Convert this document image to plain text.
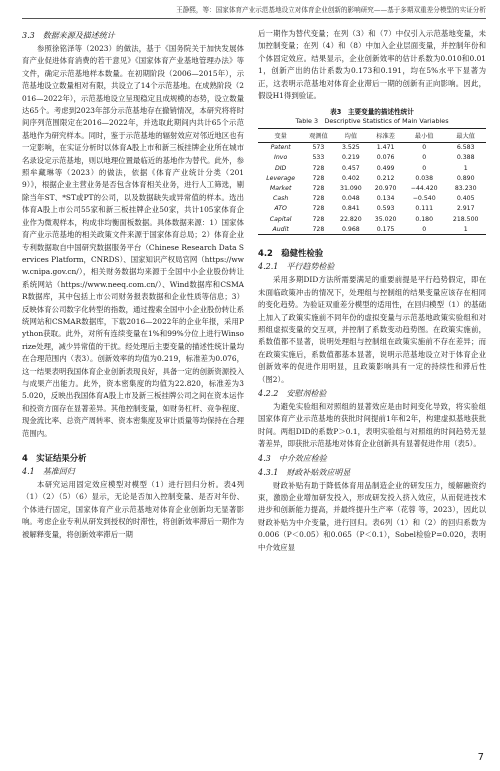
王静熙，等：国家体育产业示范基地设立对体育企业创新的影响研究——基于多期双重差分模型的实证分析
3.3　数据来源及描述统计

参照徐铭泽等（2023）的做法，基于《国务院关于加快发展体育产业促进体育消费的若干意见》《国家体育产业基地管理办法》等文件，确定示范基地样本数量。在初期阶段（2006—2015年），示范基地设立数量相对有限，共设立了14个示范基地。在成熟阶段（2016—2022年），示范基地设立呈现稳定且成规模的态势，设立数量达65个。考虑到2023年部分示范基地存在撤销情况，本研究将将时间序列范围限定在2016—2022年，并选取此期间内共计65个示范基地作为研究样本。同时，鉴于示范基地的辐射效应对邻近地区也有一定影响，在实证分析时以体育A股上市和新三板挂牌企业所在城市名录设定示范基地，则以地理位置最临近的基地作为替代。此外，参照牟藏琳等（2023）的做法，依据《体育产业统计分类（2019）》，根据企业主营业务是否包含体育相关业务，进行人工筛选，剔除当年ST、*ST或PT的公司，以及数据缺失或异常值的样本。选出体育A股上市公司55家和新三板挂牌企业50家，共计105家体育企业作为微观样本，构成非均衡面板数据。具体数据来源：1）国家体育产业示范基地的相关政策文件来源于国家体育总局；2）体育企业专利数据取自中国研究数据服务平台（Chinese Research Data Services Platform，CNRDS）、国家知识产权局官网（https://www.cnipa.gov.cn/），相关财务数据均来源于全国中小企业股份转让系统网站（https://www.neeq.com.cn/）、Wind数据库和CSMAR数据库，其中包括上市公司财务报表数据和企业性质等信息；3）反映体育公司数字化转型的指数，通过搜索全国中小企业股份转让系统网站和CSMAR数据库，下载2016—2022年的企业年报，采用Python获取。此外，对所有连续变量在1%和99%分位上进行Winsorize处理，减少异常值的干扰。经处理后主要变量的描述性统计量均在合理范围内（表3）。创新效率的均值为0.219，标准差为0.076，这一结果表明我国体育企业创新表现良好，具备一定的创新资源投入与成果产出能力。此外，资本密集度的均值为22.820，标准差为35.020，反映出我国体育A股上市及新三板挂牌公司之间在资本运作和投资方面存在显著差异。其他控制变量，如财务杠杆、竞争程度、现金流比率、总资产周转率、资本密集度及审计质量等均保持在合理范围内。

4　实证结果分析
4.1　基准回归

本研究运用固定效应模型对模型（1）进行回归分析。表4列（1）（2）（5）（6）显示，无论是否加入控制变量、是否对年份、个体进行固定，国家体育产业示范基地对体育企业创新均无显著影响。考虑企业专利从研发到授权的时滞性，将创新效率滞后一期作为被解释变量，将创新效率滞后一期

后一期作为替代变量；在列（3）和（7）中仅引入示范基地变量，未加控制变量；在列（4）和（8）中加入企业层面变量，并控制年份和个体固定效应。结果显示，企业创新效率的估计系数为0.010和0.011，创新产出的估计系数为0.173和0.191，均在5%水平下显著为正，这表明示范基地对体育企业滞后一期的创新有正向影响。因此，假设H1得到验证。

表3　主要变量的描述性统计
Table 3　Descriptive Statistics of Main Variables
变量	观测值	均值	标准差	最小值	最大值
Patent	573	3.525	1.471	0	6.583
Invo	533	0.219	0.076	0	0.388
DID	728	0.457	0.499	0	1
Leverage	728	0.402	0.212	0.038	0.890
Market	728	31.090	20.970	−44.420	83.230
Cash	728	0.048	0.134	−0.540	0.405
ATO	728	0.841	0.593	0.111	2.917
Capital	728	22.820	35.020	0.180	218.500
Audit	728	0.968	0.175	0	1
4.2　稳健性检验
4.2.1　平行趋势检验

采用多期DID方法所需要满足的重要前提是平行趋势假定，即在未面临政策冲击的情况下，处理组与控制组的结果变量应该存在相同的变化趋势。为验证双重差分模型的适用性，在回归模型（1）的基础上加入了政策实施前不同年份的虚拟变量与示范基地政策实验组和对照组虚拟变量的交互项，并控制了系数变动趋势图。在政策实施前，系数值都不显著，说明处理组与控制组在政策实施前不存在差异；而在政策实施后，系数值都基本显著，说明示范基地设立对于体育企业创新效率的促进作用明显，且政策影响具有一定的持续性和滞后性（图2）。

4.2.2　安慰剂检验

为避免实验组和对照组的显著效应是由时间变化导致，将实验组国家体育产业示范基地的获批时间提前1年和2年，构建虚拟基地获批时间。两组DID的系数P＞0.1，表明实验组与对照组的时间趋势无显著差异，即获批示范基地对体育企业创新具有显著促进作用（表5）。

4.3　中介效应检验
4.3.1　财政补贴效应明显

财政补贴有助于降低体育用品制造企业的研发压力，缓解融资约束，激励企业增加研发投入，形成研发投入挤入效应，从而促进技术进步和创新能力提高，并最终提升生产率（花蓉 等，2023），因此以财政补贴为中介变量，进行回归。表6列（1）和（2）的回归系数为0.006（P＜0.05）和0.065（P＜0.1），Sobel检验P=0.020，表明中介效应显

7
